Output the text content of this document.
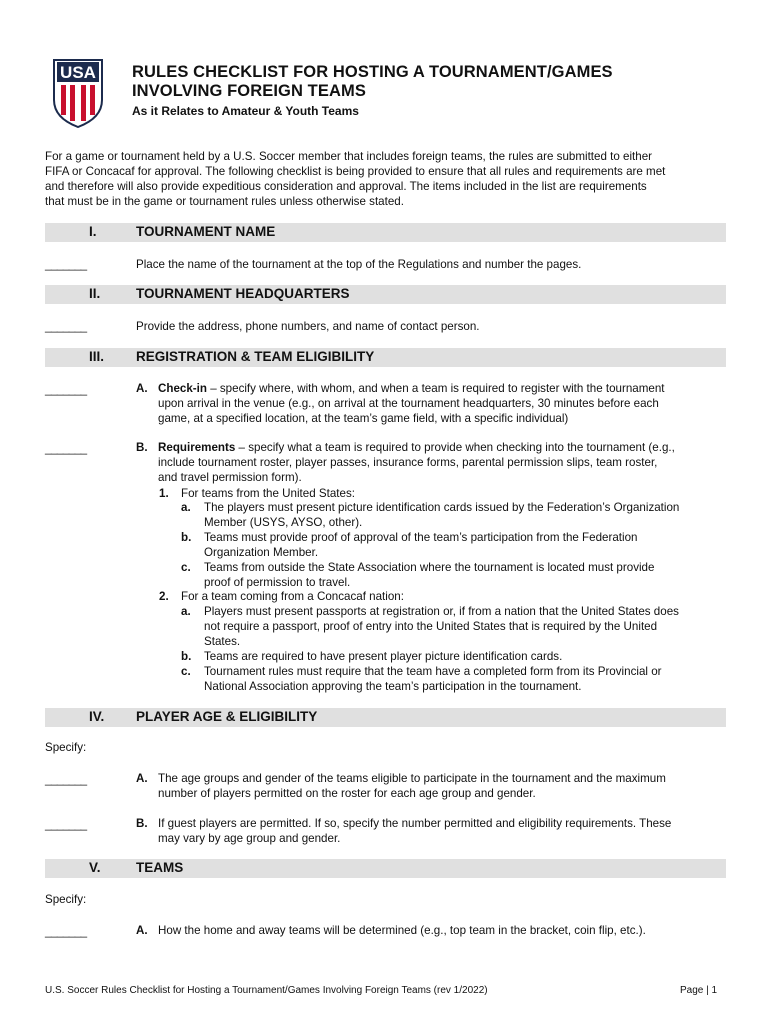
USA RULES CHECKLIST FOR HOSTING A TOURNAMENT/GAMES
INVOLVING FOREIGN TEAMS
As it Relates to Amateur & Youth Teams
For a game or tournament held by a U.S. Soccer member that includes foreign teams, the rules are submitted to either
FIFA or Concacaf for approval. The following checklist is being provided to ensure that all rules and requirements are met
and therefore will also provide expeditious consideration and approval. The items included in the list are requirements
that must be in the game or tournament rules unless otherwise stated.
I.	TOURNAMENT NAME
_______	Place the name of the tournament at the top of the Regulations and number the pages.
II.	TOURNAMENT HEADQUARTERS
_______	Provide the address, phone numbers, and name of contact person.
III. REGISTRATION & TEAM ELIGIBILITY
_______	A. Check-in – specify where, with whom, and when a team is required to register with the tournament
upon arrival in the venue (e.g., on arrival at the tournament headquarters, 30 minutes before each
game, at a specified location, at the team’s game field, with a specific individual)
_______	B. Requirements – specify what a team is required to provide when checking into the tournament (e.g.,
include tournament roster, player passes, insurance forms, parental permission slips, team roster,
and travel permission form).
1. For teams from the United States:
a. The players must present picture identification cards issued by the Federation’s Organization
Member (USYS, AYSO, other).
b. Teams must provide proof of approval of the team’s participation from the Federation
Organization Member.
c. Teams from outside the State Association where the tournament is located must provide
proof of permission to travel.
2. For a team coming from a Concacaf nation:
a. Players must present passports at registration or, if from a nation that the United States does
not require a passport, proof of entry into the United States that is required by the United
States.
b. Teams are required to have present player picture identification cards.
c. Tournament rules must require that the team have a completed form from its Provincial or
National Association approving the team’s participation in the tournament.
IV. PLAYER AGE & ELIGIBILITY
Specify:
_______	A. The age groups and gender of the teams eligible to participate in the tournament and the maximum
number of players permitted on the roster for each age group and gender.
_______	B. If guest players are permitted. If so, specify the number permitted and eligibility requirements. These
may vary by age group and gender.
V.	TEAMS
Specify:
_______	A. How the home and away teams will be determined (e.g., top team in the bracket, coin flip, etc.).
U.S. Soccer Rules Checklist for Hosting a Tournament/Games Involving Foreign Teams (rev 1/2022)	Page | 1
